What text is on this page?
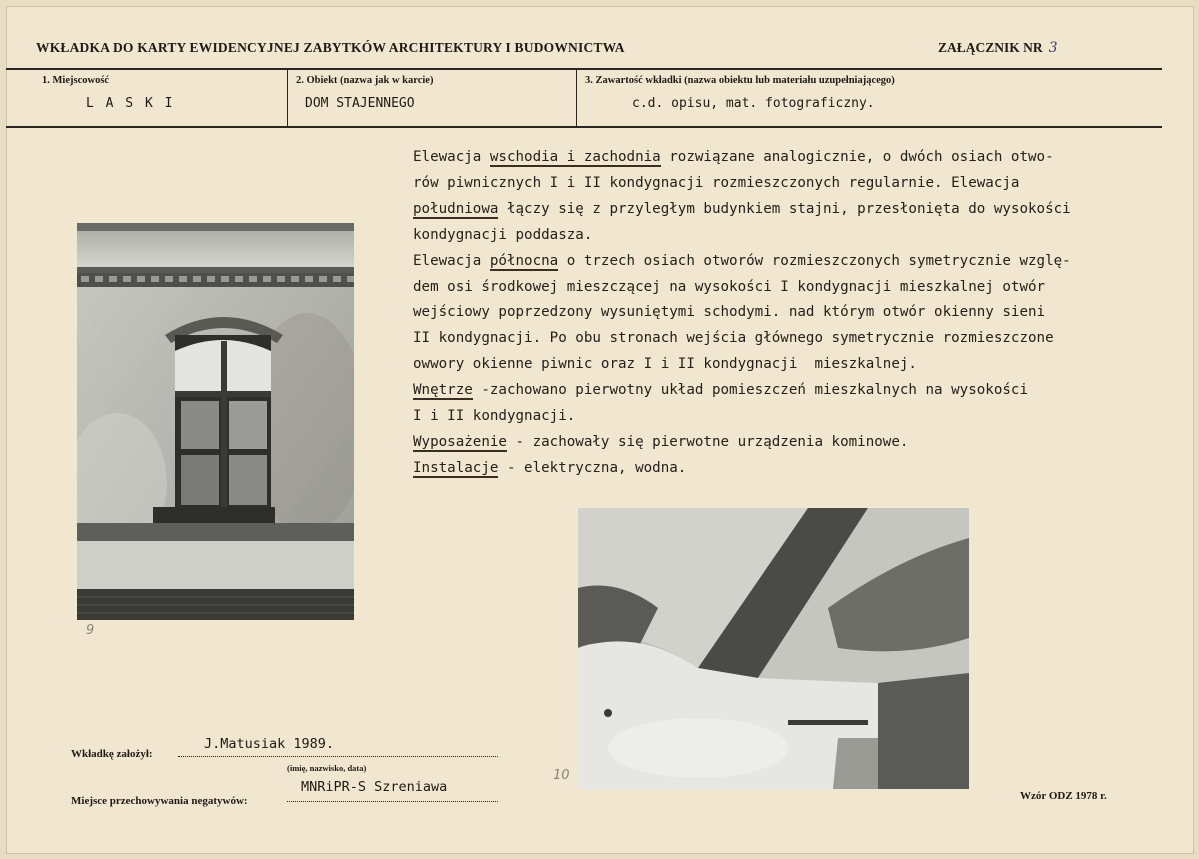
WKŁADKA DO KARTY EWIDENCYJNEJ ZABYTKÓW ARCHITEKTURY I BUDOWNICTWA	ZAŁĄCZNIK NR 3
1. Miejscowość
L A S K I
2. Obiekt (nazwa jak w karcie)
DOM STAJENNEGO
3. Zawartość wkładki (nazwa obiektu lub materiału uzupełniającego)
c.d. opisu, mat. fotograficzny.
Elewacja wschodia i zachodnia rozwiązane analogicznie, o dwóch osiach otwo-
rów piwnicznych I i II kondygnacji rozmieszczonych regularnie. Elewacja
południowa łączy się z przyległym budynkiem stajni, przesłonięta do wysokości
kondygnacji poddasza.
Elewacja północna o trzech osiach otworów rozmieszczonych symetrycznie wzglę-
dem osi środkowej mieszczącej na wysokości I kondygnacji mieszkalnej otwór
wejściowy poprzedzony wysuniętymi schodymi. nad którym otwór okienny sieni
II kondygnacji. Po obu stronach wejścia głównego symetrycznie rozmieszczone
owwory okienne piwnic oraz I i II kondygnacji  mieszkalnej.
Wnętrze -zachowano pierwotny układ pomieszczeń mieszkalnych na wysokości
I i II kondygnacji.
Wyposażenie - zachowały się pierwotne urządzenia kominowe.
Instalacje - elektryczna, wodna.
9
10
Wkładkę założył:
J.Matusiak 1989.
(imię, nazwisko, data)
Miejsce przechowywania negatywów:
MNRiPR-S Szreniawa
Wzór ODZ 1978 r.
